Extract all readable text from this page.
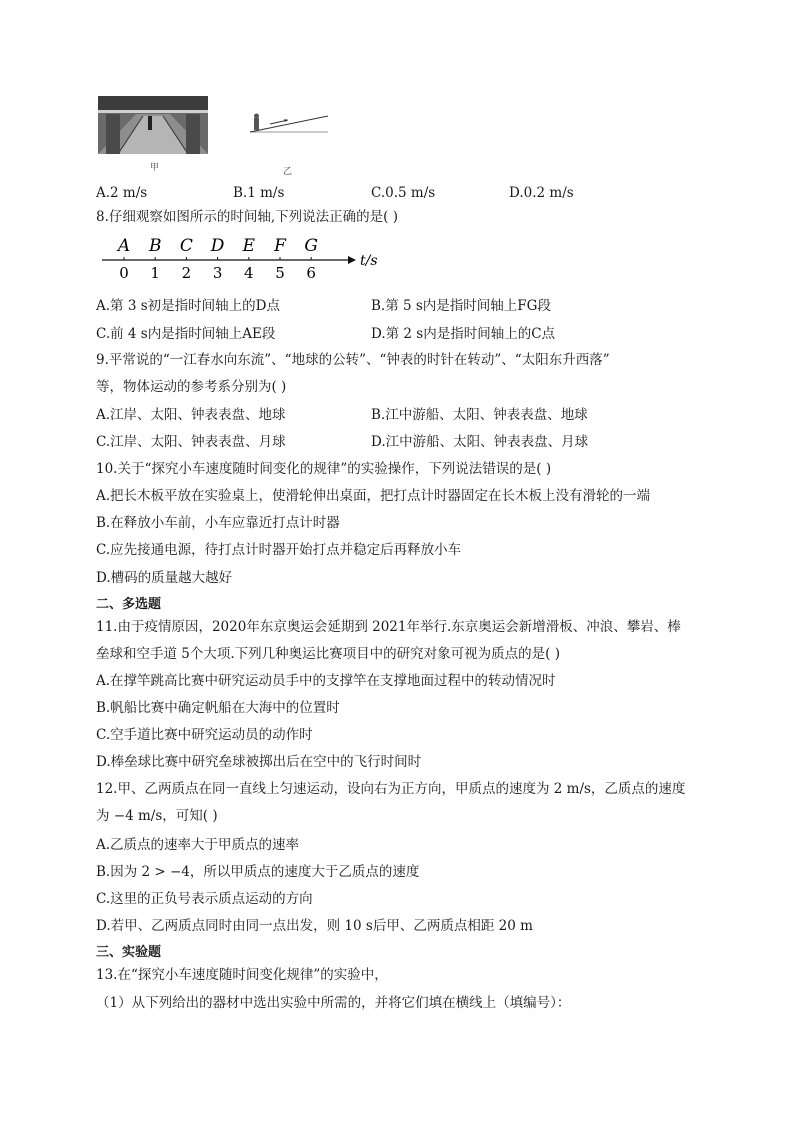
甲	乙
A.2 m/s	B.1 m/s	C.0.5 m/s	D.0.2 m/s
8.仔细观察如图所示的时间轴,下列说法正确的是( )
A
0
B
1
C
2
D
3
E
4
F
5
G
6
t/s
A.第 3 s初是指时间轴上的D点	B.第 5 s内是指时间轴上FG段
C.前 4 s内是指时间轴上AE段	D.第 2 s内是指时间轴上的C点
9.平常说的“一江春水向东流”、“地球的公转”、“钟表的时针在转动”、“太阳东升西落”
等，物体运动的参考系分别为( )
A.江岸、太阳、钟表表盘、地球	B.江中游船、太阳、钟表表盘、地球
C.江岸、太阳、钟表表盘、月球	D.江中游船、太阳、钟表表盘、月球
10.关于“探究小车速度随时间变化的规律”的实验操作，下列说法错误的是( )
A.把长木板平放在实验桌上，使滑轮伸出桌面，把打点计时器固定在长木板上没有滑轮的一端
B.在释放小车前，小车应靠近打点计时器
C.应先接通电源，待打点计时器开始打点并稳定后再释放小车
D.槽码的质量越大越好
二、多选题
11.由于疫情原因，2020年东京奥运会延期到 2021年举行.东京奥运会新增滑板、冲浪、攀岩、棒
垒球和空手道 5个大项.下列几种奥运比赛项目中的研究对象可视为质点的是( )
A.在撑竿跳高比赛中研究运动员手中的支撑竿在支撑地面过程中的转动情况时
B.帆船比赛中确定帆船在大海中的位置时
C.空手道比赛中研究运动员的动作时
D.棒垒球比赛中研究垒球被掷出后在空中的飞行时间时
12.甲、乙两质点在同一直线上匀速运动，设向右为正方向，甲质点的速度为 2 m/s，乙质点的速度
为 −4 m/s，可知( )
A.乙质点的速率大于甲质点的速率
B.因为 2 > −4，所以甲质点的速度大于乙质点的速度
C.这里的正负号表示质点运动的方向
D.若甲、乙两质点同时由同一点出发，则 10 s后甲、乙两质点相距 20 m
三、实验题
13.在“探究小车速度随时间变化规律”的实验中，
（1）从下列给出的器材中选出实验中所需的，并将它们填在横线上（填编号）：
